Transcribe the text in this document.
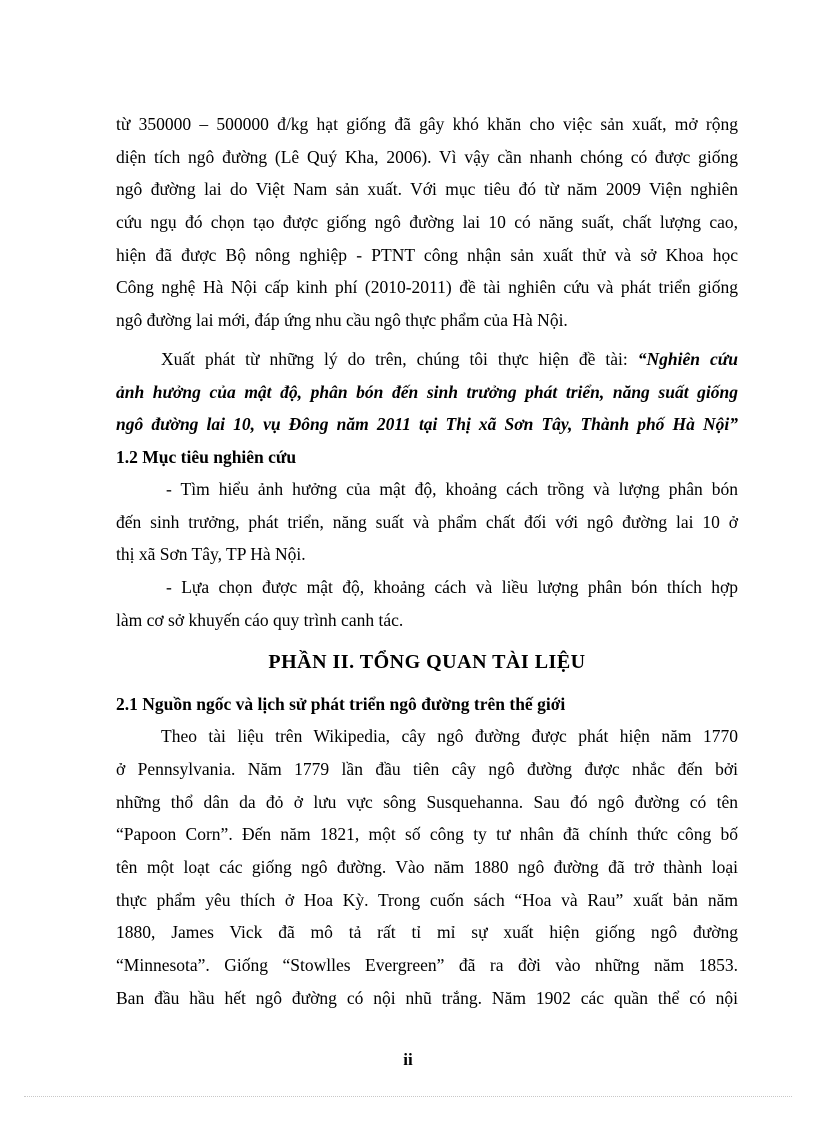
từ 350000 – 500000 đ/kg hạt giống đã gây khó khăn cho việc sản xuất, mở rộng
diện tích ngô đường (Lê Quý Kha, 2006). Vì vậy cần nhanh chóng có được giống
ngô đường lai do Việt Nam sản xuất. Với mục tiêu đó từ năm 2009 Viện nghiên
cứu ngụ đó chọn tạo được giống ngô đường lai 10 có năng suất, chất lượng cao,
hiện đã được Bộ nông nghiệp - PTNT công nhận sản xuất thử và sở Khoa học
Công nghệ Hà Nội cấp kinh phí (2010-2011) đề tài nghiên cứu và phát triển giống
ngô đường lai mới, đáp ứng nhu cầu ngô thực phẩm của Hà Nội.
Xuất phát từ những lý do trên, chúng tôi thực hiện đề tài: “Nghiên cứu
ảnh hưởng của mật độ, phân bón đến sinh trưởng phát triển, năng suất giống
ngô đường lai 10, vụ Đông năm 2011 tại Thị xã Sơn Tây, Thành phố Hà Nội”
1.2 Mục tiêu nghiên cứu
- Tìm hiểu ảnh hưởng của mật độ, khoảng cách trồng và lượng phân bón
đến sinh trưởng, phát triển, năng suất và phẩm chất đối với ngô đường lai 10 ở
thị xã Sơn Tây, TP Hà Nội.
- Lựa chọn được mật độ, khoảng cách và liều lượng phân bón thích hợp
làm cơ sở khuyến cáo quy trình canh tác.
PHẦN II. TỔNG QUAN TÀI LIỆU
2.1 Nguồn ngốc và lịch sử phát triển ngô đường trên thế giới
Theo tài liệu trên Wikipedia, cây ngô đường được phát hiện năm 1770
ở Pennsylvania. Năm 1779 lần đầu tiên cây ngô đường được nhắc đến bởi
những thổ dân da đỏ ở lưu vực sông Susquehanna. Sau đó ngô đường có tên
“Papoon Corn”. Đến năm 1821, một số công ty tư nhân đã chính thức công bố
tên một loạt các giống ngô đường. Vào năm 1880 ngô đường đã trở thành loại
thực phẩm yêu thích ở Hoa Kỳ. Trong cuốn sách “Hoa và Rau” xuất bản năm
1880, James Vick đã mô tả rất tỉ mỉ sự xuất hiện giống ngô đường
“Minnesota”. Giống “Stowlles Evergreen” đã ra đời vào những năm 1853.
Ban đầu hầu hết ngô đường có nội nhũ trắng. Năm 1902 các quần thể có nội
ii
